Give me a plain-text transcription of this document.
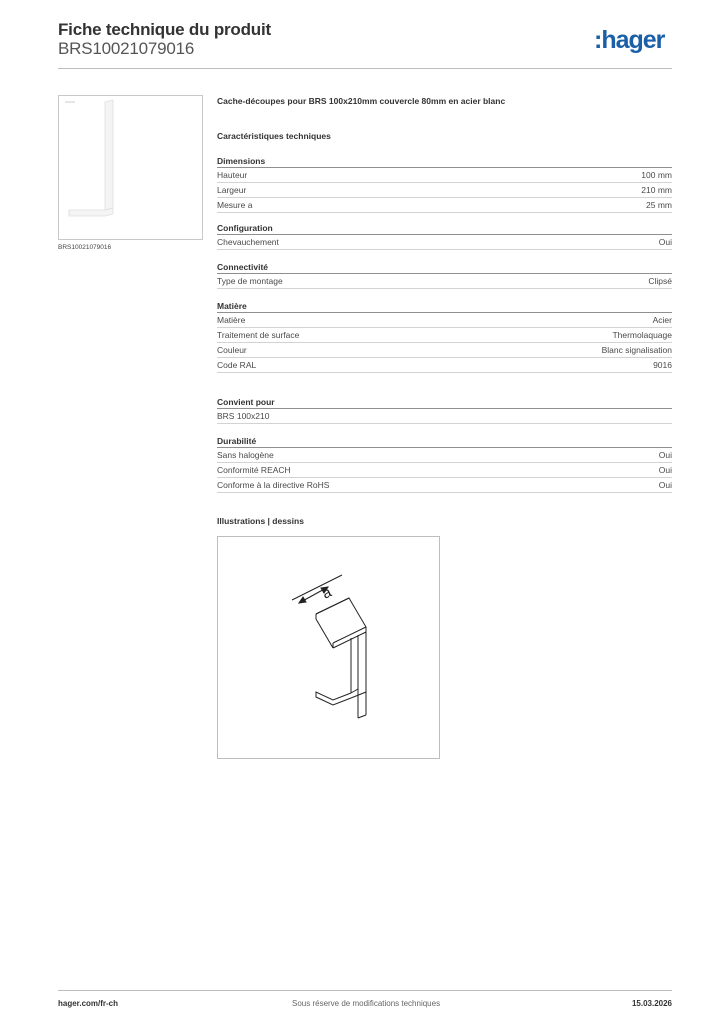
Fiche technique du produit
BRS10021079016	:hager
BRS10021079016
Cache-découpes pour BRS 100x210mm couvercle 80mm en acier blanc
Caractéristiques techniques
Dimensions
Hauteur	100 mm
Largeur	210 mm
Mesure a	25 mm
Configuration
Chevauchement	Oui
Connectivité
Type de montage	Clipsé
Matière
Matière	Acier
Traitement de surface	Thermolaquage
Couleur	Blanc signalisation
Code RAL	9016
Convient pour
BRS 100x210
Durabilité
Sans halogène	Oui
Conformité REACH	Oui
Conforme à la directive RoHS	Oui
Illustrations | dessins
a
hager.com/fr-ch	Sous réserve de modifications techniques	15.03.2026
